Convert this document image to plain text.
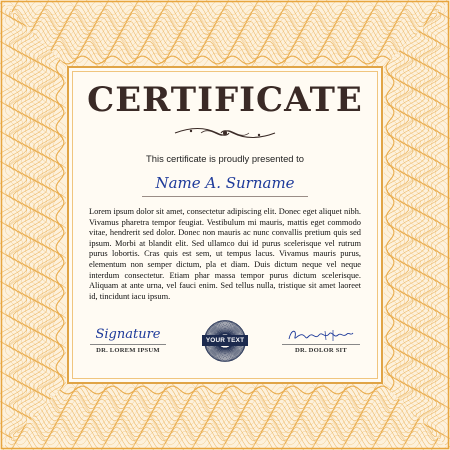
CERTIFICATE
This certificate is proudly presented to
Name A. Surname

Lorem ipsum dolor sit amet, consectetur adipiscing elit. Donec eget aliquet nibh. Vivamus pharetra tempor feugiat. Vestibulum mi mauris, mattis eget commodo vitae, hendrerit sed dolor. Donec non mauris ac nunc convallis pretium quis sed ipsum. Morbi at blandit elit. Sed ullamco dui id purus scelerisque vel rutrum purus lobortis. Cras quis est sem, ut tempus lacus. Vivamus mauris purus, elementum non semper dictum, pla et diam. Duis dictum neque vel neque interdum consectetur. Etiam phar massa tempor purus dictum scelerisque. Aliquam at ante urna, vel fauci enim. Sed tellus nulla, tristique sit amet laoreet id, tincidunt iacu ipsum.

Signature
DR. LOREM IPSUM
YOUR TEXT
DR. DOLOR SIT
